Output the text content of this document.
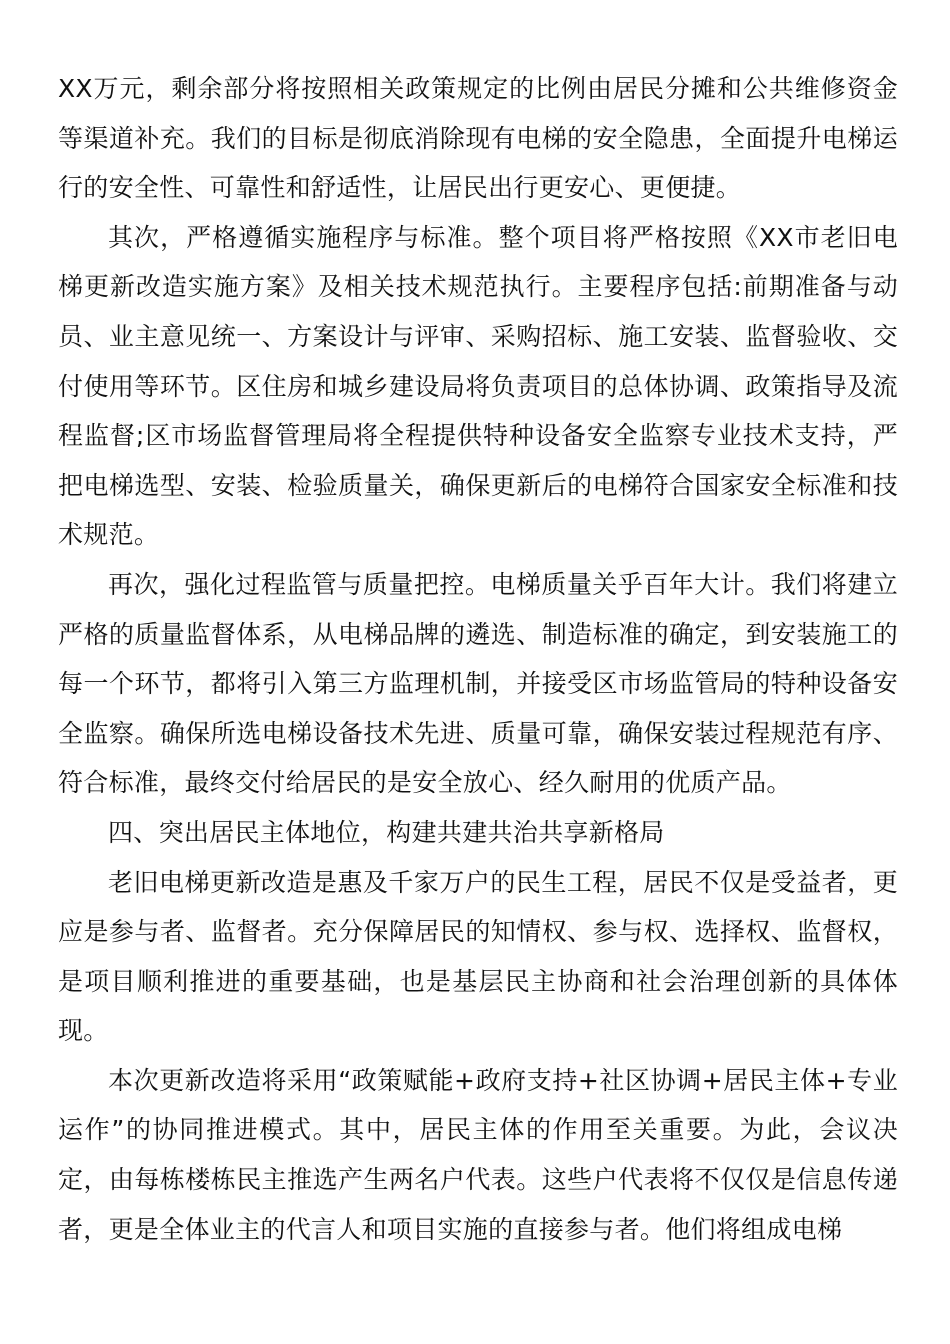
XX万元，剩余部分将按照相关政策规定的比例由居民分摊和公共维修资金等渠道补充。我们的目标是彻底消除现有电梯的安全隐患，全面提升电梯运行的安全性、可靠性和舒适性，让居民出行更安心、更便捷。

其次，严格遵循实施程序与标准。整个项目将严格按照《XX市老旧电梯更新改造实施方案》及相关技术规范执行。主要程序包括:前期准备与动员、业主意见统一、方案设计与评审、采购招标、施工安装、监督验收、交付使用等环节。区住房和城乡建设局将负责项目的总体协调、政策指导及流程监督;区市场监督管理局将全程提供特种设备安全监察专业技术支持，严把电梯选型、安装、检验质量关，确保更新后的电梯符合国家安全标准和技术规范。

再次，强化过程监管与质量把控。电梯质量关乎百年大计。我们将建立严格的质量监督体系，从电梯品牌的遴选、制造标准的确定，到安装施工的每一个环节，都将引入第三方监理机制，并接受区市场监管局的特种设备安全监察。确保所选电梯设备技术先进、质量可靠，确保安装过程规范有序、符合标准，最终交付给居民的是安全放心、经久耐用的优质产品。

四、突出居民主体地位，构建共建共治共享新格局

老旧电梯更新改造是惠及千家万户的民生工程，居民不仅是受益者，更应是参与者、监督者。充分保障居民的知情权、参与权、选择权、监督权，是项目顺利推进的重要基础，也是基层民主协商和社会治理创新的具体体现。

本次更新改造将采用“政策赋能+政府支持+社区协调+居民主体+专业运作”的协同推进模式。其中，居民主体的作用至关重要。为此，会议决定，由每栋楼栋民主推选产生两名户代表。这些户代表将不仅仅是信息传递者，更是全体业主的代言人和项目实施的直接参与者。他们将组成电梯
